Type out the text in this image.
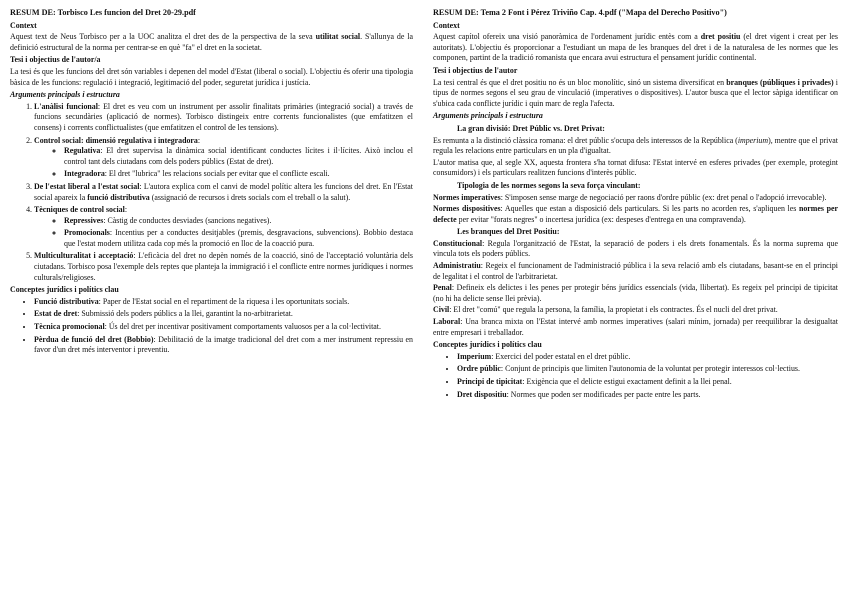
RESUM DE: Torbisco Les funcion del Dret 20-29.pdf
Context

Aquest text de Neus Torbisco per a la UOC analitza el dret des de la perspectiva de la seva utilitat social. S'allunya de la definició estructural de la norma per centrar-se en què "fa" el dret en la societat.

Tesi i objectius de l'autor/a

La tesi és que les funcions del dret són variables i depenen del model d'Estat (liberal o social). L'objectiu és oferir una tipologia bàsica de les funcions: regulació i integració, legitimació del poder, seguretat jurídica i justícia.

Arguments principals i estructura
1. L'anàlisi funcional: El dret es veu com un instrument per assolir finalitats primàries (integració social) a través de funcions secundàries (aplicació de normes). Torbisco distingeix entre corrents funcionalistes (que emfatitzen el consens) i corrents conflictualistes (que emfatitzen el control de les tensions).
2. Control social: dimensió regulativa i integradora:
◦ Regulativa: El dret supervisa la dinàmica social identificant conductes lícites i il·lícites. Això inclou el control tant dels ciutadans com dels poders públics (Estat de dret).
◦ Integradora: El dret "lubrica" les relacions socials per evitar que el conflicte escali.
3. De l'estat liberal a l'estat social: L'autora explica com el canvi de model polític altera les funcions del dret. En l'Estat social apareix la funció distributiva (assignació de recursos i drets socials com el treball o la salut).
4. Tècniques de control social:
◦ Repressives: Càstig de conductes desviades (sancions negatives).
◦ Promocionals: Incentius per a conductes desitjables (premis, desgravacions, subvencions). Bobbio destaca que l'estat modern utilitza cada cop més la promoció en lloc de la coacció pura.
5. Multiculturalitat i acceptació: L'eficàcia del dret no depèn només de la coacció, sinó de l'acceptació voluntària dels ciutadans. Torbisco posa l'exemple dels reptes que planteja la immigració i el conflicte entre normes jurídiques i normes culturals/religioses.
Conceptes jurídics i polítics clau
• Funció distributiva: Paper de l'Estat social en el repartiment de la riquesa i les oportunitats socials.
• Estat de dret: Submissió dels poders públics a la llei, garantint la no-arbitrarietat.
• Tècnica promocional: Ús del dret per incentivar positivament comportaments valuosos per a la col·lectivitat.
• Pèrdua de funció del dret (Bobbio): Debilitació de la imatge tradicional del dret com a mer instrument repressiu en favor d'un dret més interventor i preventiu.
RESUM DE: Tema 2 Font i Pérez Triviño Cap. 4.pdf ("Mapa del Derecho Positivo")
Context

Aquest capítol ofereix una visió panoràmica de l'ordenament jurídic entès com a dret positiu (el dret vigent i creat per les autoritats). L'objectiu és proporcionar a l'estudiant un mapa de les branques del dret i de la naturalesa de les normes que les componen, partint de la tradició romanista que encara avui estructura el pensament jurídic continental.

Tesi i objectius de l'autor

La tesi central és que el dret positiu no és un bloc monolític, sinó un sistema diversificat en branques (públiques i privades) i tipus de normes segons el seu grau de vinculació (imperatives o dispositives). L'autor busca que el lector sàpiga identificar on s'ubica cada conflicte jurídic i quin marc de regla l'afecta.

Arguments principals i estructura
La gran divisió: Dret Públic vs. Dret Privat:

Es remunta a la distinció clàssica romana: el dret públic s'ocupa dels interessos de la República (imperium), mentre que el privat regula les relacions entre particulars en un pla d'igualtat.

L'autor matisa que, al segle XX, aquesta frontera s'ha tornat difusa: l'Estat intervé en esferes privades (per exemple, protegint consumidors) i els particulars realitzen funcions d'interès públic.

Tipologia de les normes segons la seva força vinculant:

Normes imperatives: S'imposen sense marge de negociació per raons d'ordre públic (ex: dret penal o l'adopció irrevocable).

Normes dispositives: Aquelles que estan a disposició dels particulars. Si les parts no acorden res, s'apliquen les normes per defecte per evitar "forats negres" o incertesa jurídica (ex: despeses d'entrega en una compravenda).

Les branques del Dret Positiu:

Constitucional: Regula l'organització de l'Estat, la separació de poders i els drets fonamentals. És la norma suprema que vincula tots els poders públics.

Administratiu: Regeix el funcionament de l'administració pública i la seva relació amb els ciutadans, basant-se en el principi de legalitat i el control de l'arbitrarietat.

Penal: Defineix els delictes i les penes per protegir béns jurídics essencials (vida, llibertat). Es regeix pel principi de tipicitat (no hi ha delicte sense llei prèvia).

Civil: El dret "comú" que regula la persona, la família, la propietat i els contractes. És el nucli del dret privat.

Laboral: Una branca mixta on l'Estat intervé amb normes imperatives (salari mínim, jornada) per reequilibrar la desigualtat entre empresari i treballador.

Conceptes jurídics i polítics clau
• Imperium: Exercici del poder estatal en el dret públic.
• Ordre públic: Conjunt de principis que limiten l'autonomia de la voluntat per protegir interessos col·lectius.
• Principi de tipicitat: Exigència que el delicte estigui exactament definit a la llei penal.
• Dret dispositiu: Normes que poden ser modificades per pacte entre les parts.
